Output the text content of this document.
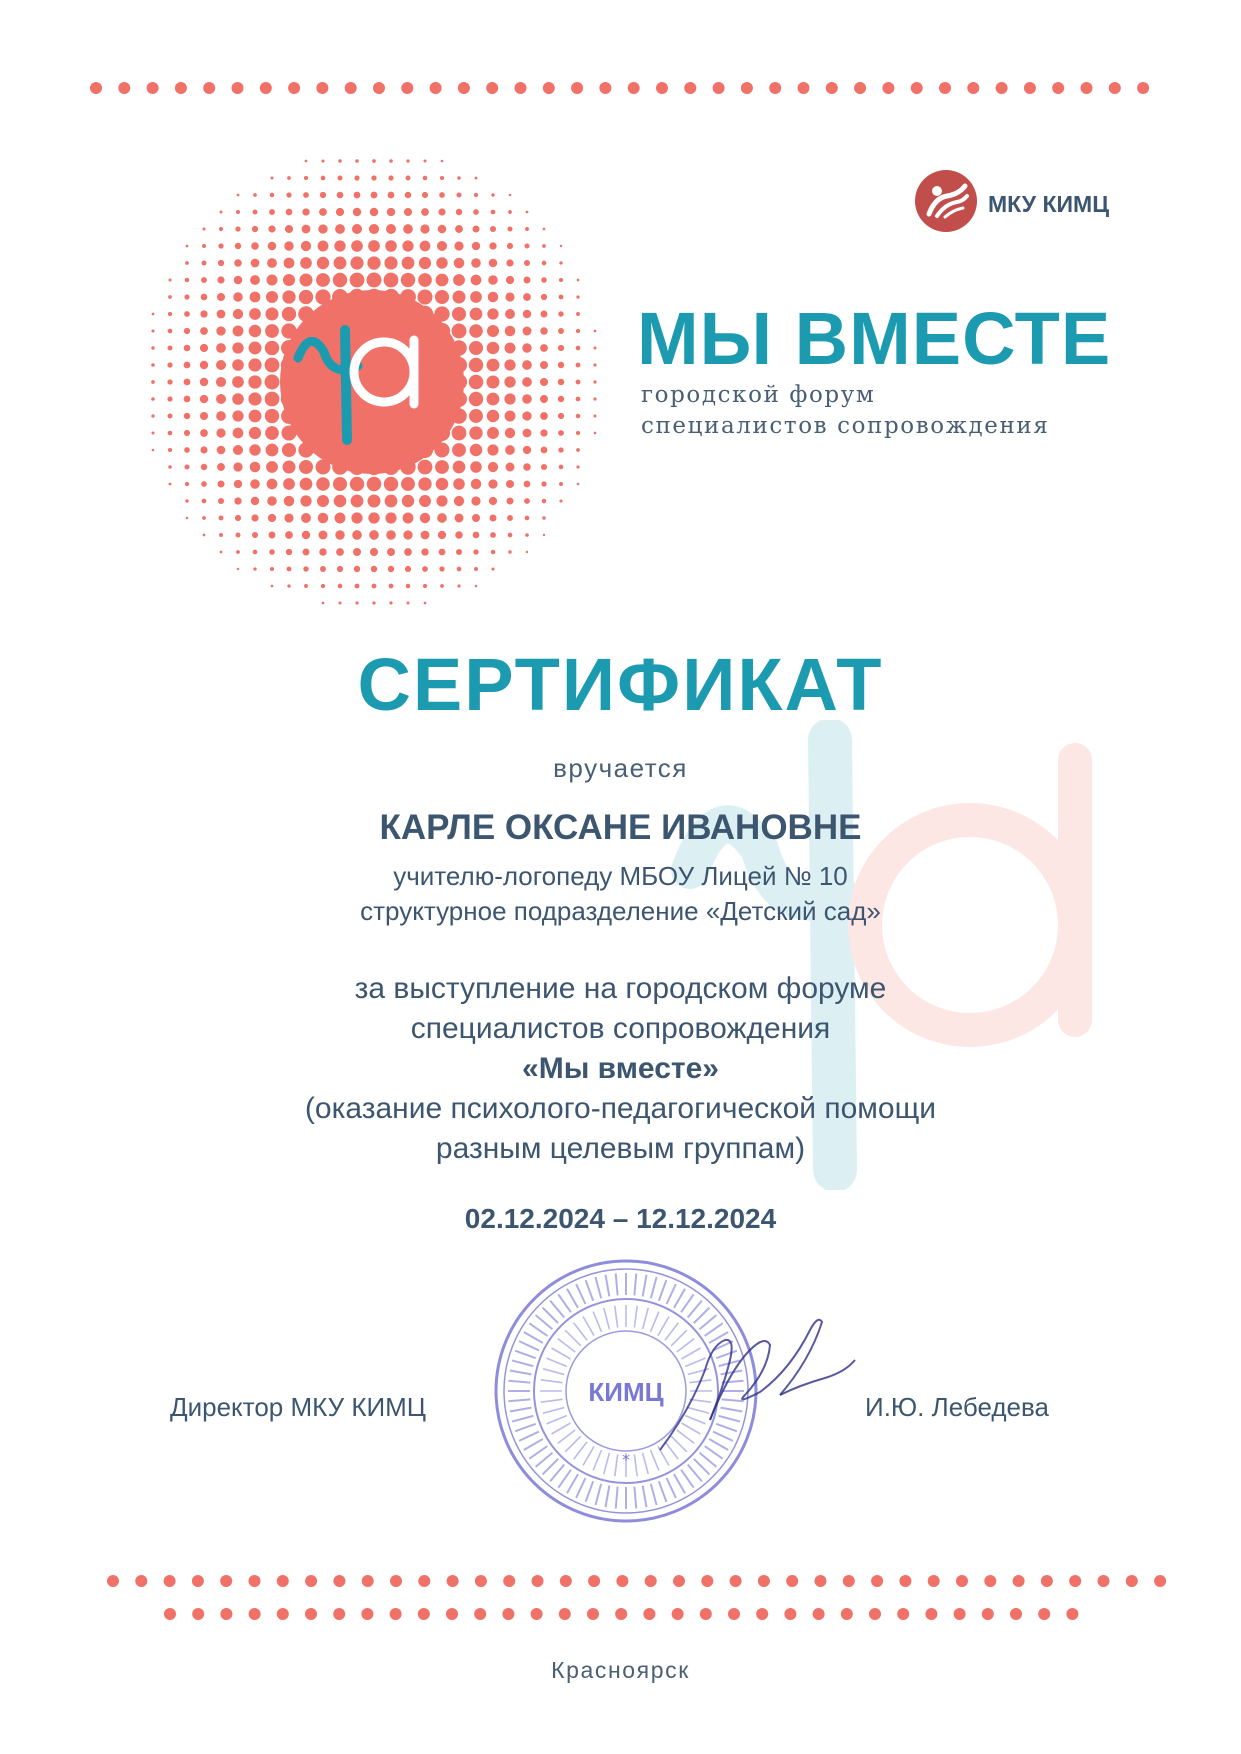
МКУ КИМЦ
МЫ ВМЕСТЕ
городской форум
специалистов сопровождения
СЕРТИФИКАТ
вручается
КАРЛЕ ОКСАНЕ ИВАНОВНЕ
учителю-логопеду МБОУ Лицей № 10
структурное подразделение «Детский сад»
за выступление на городском форуме
специалистов сопровождения
«Мы вместе»
(оказание психолого-педагогической помощи
разным целевым группам)
02.12.2024 – 12.12.2024
Директор МКУ КИМЦ	КИМЦ
*
И.Ю. Лебедева
Красноярск
